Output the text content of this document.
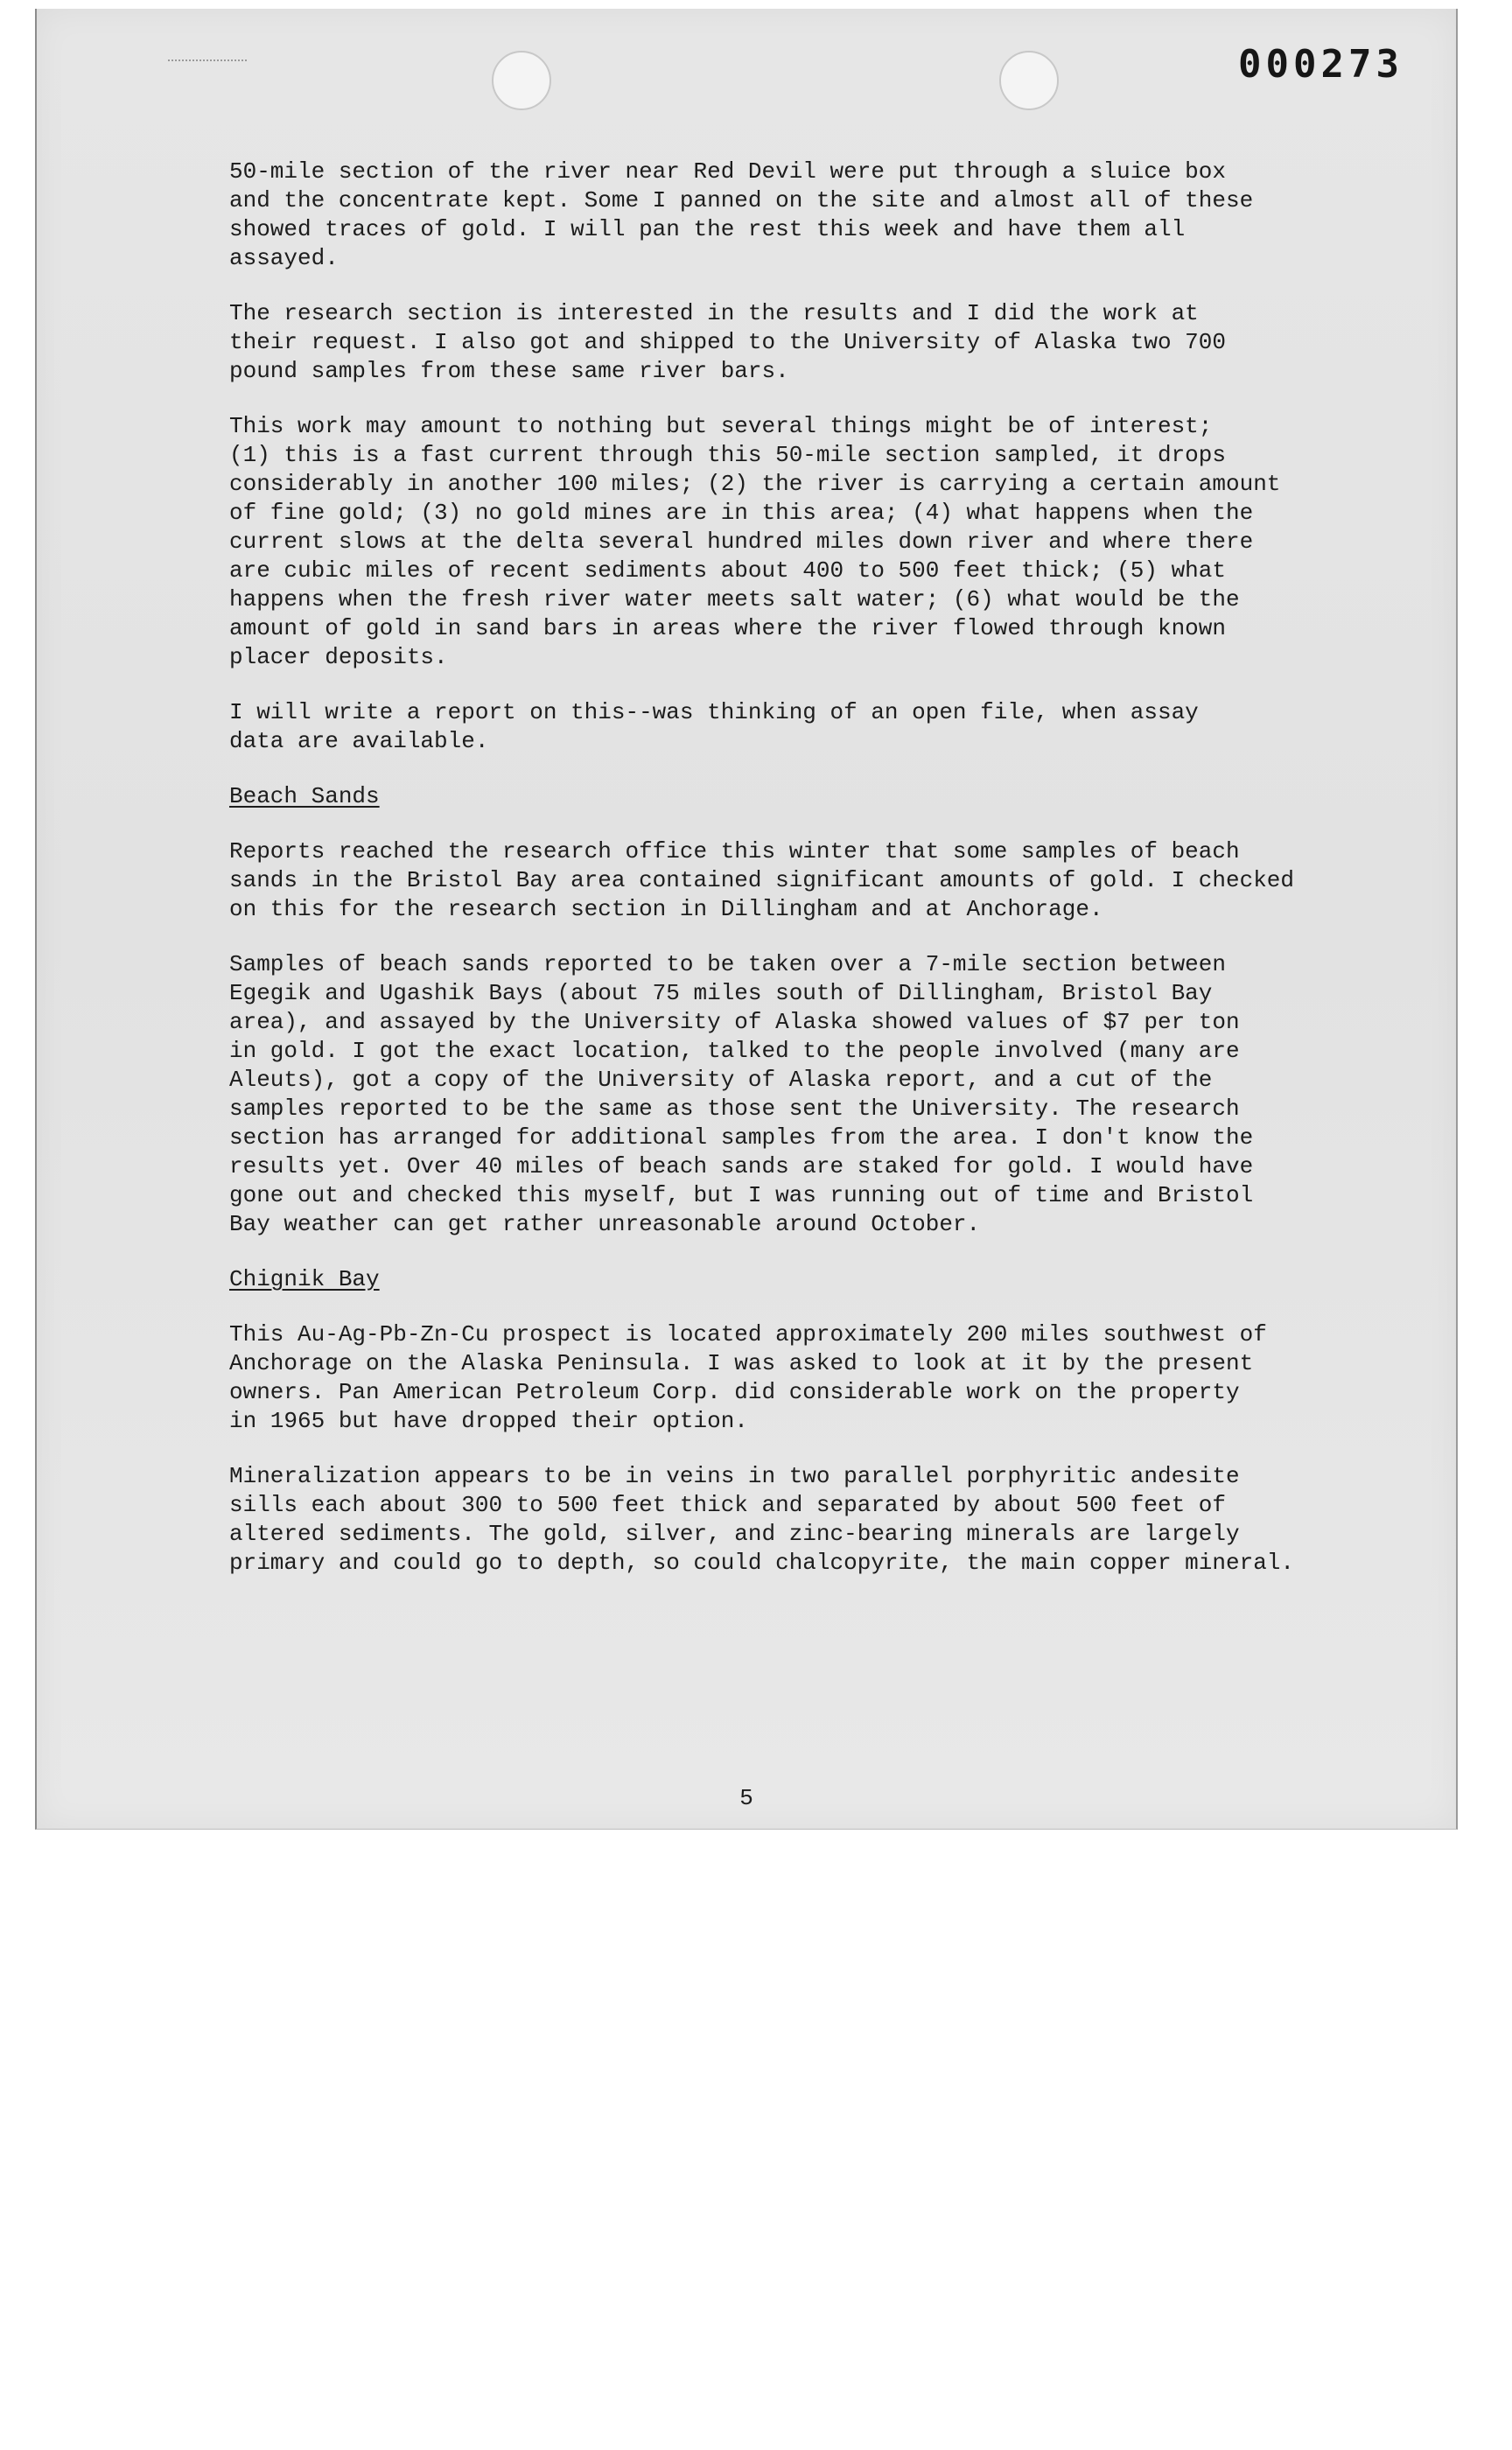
000273

50-mile section of the river near Red Devil were put through a sluice box
and the concentrate kept. Some I panned on the site and almost all of these
showed traces of gold. I will pan the rest this week and have them all
assayed.

The research section is interested in the results and I did the work at
their request. I also got and shipped to the University of Alaska two 700
pound samples from these same river bars.

This work may amount to nothing but several things might be of interest;
(1) this is a fast current through this 50-mile section sampled, it drops
considerably in another 100 miles; (2) the river is carrying a certain amount
of fine gold; (3) no gold mines are in this area; (4) what happens when the
current slows at the delta several hundred miles down river and where there
are cubic miles of recent sediments about 400 to 500 feet thick; (5) what
happens when the fresh river water meets salt water; (6) what would be the
amount of gold in sand bars in areas where the river flowed through known
placer deposits.

I will write a report on this--was thinking of an open file, when assay
data are available.

Beach Sands

Reports reached the research office this winter that some samples of beach
sands in the Bristol Bay area contained significant amounts of gold. I checked
on this for the research section in Dillingham and at Anchorage.

Samples of beach sands reported to be taken over a 7-mile section between
Egegik and Ugashik Bays (about 75 miles south of Dillingham, Bristol Bay
area), and assayed by the University of Alaska showed values of $7 per ton
in gold. I got the exact location, talked to the people involved (many are
Aleuts), got a copy of the University of Alaska report, and a cut of the
samples reported to be the same as those sent the University. The research
section has arranged for additional samples from the area. I don't know the
results yet. Over 40 miles of beach sands are staked for gold. I would have
gone out and checked this myself, but I was running out of time and Bristol
Bay weather can get rather unreasonable around October.

Chignik Bay

This Au-Ag-Pb-Zn-Cu prospect is located approximately 200 miles southwest of
Anchorage on the Alaska Peninsula. I was asked to look at it by the present
owners. Pan American Petroleum Corp. did considerable work on the property
in 1965 but have dropped their option.

Mineralization appears to be in veins in two parallel porphyritic andesite
sills each about 300 to 500 feet thick and separated by about 500 feet of
altered sediments. The gold, silver, and zinc-bearing minerals are largely
primary and could go to depth, so could chalcopyrite, the main copper mineral.

5
